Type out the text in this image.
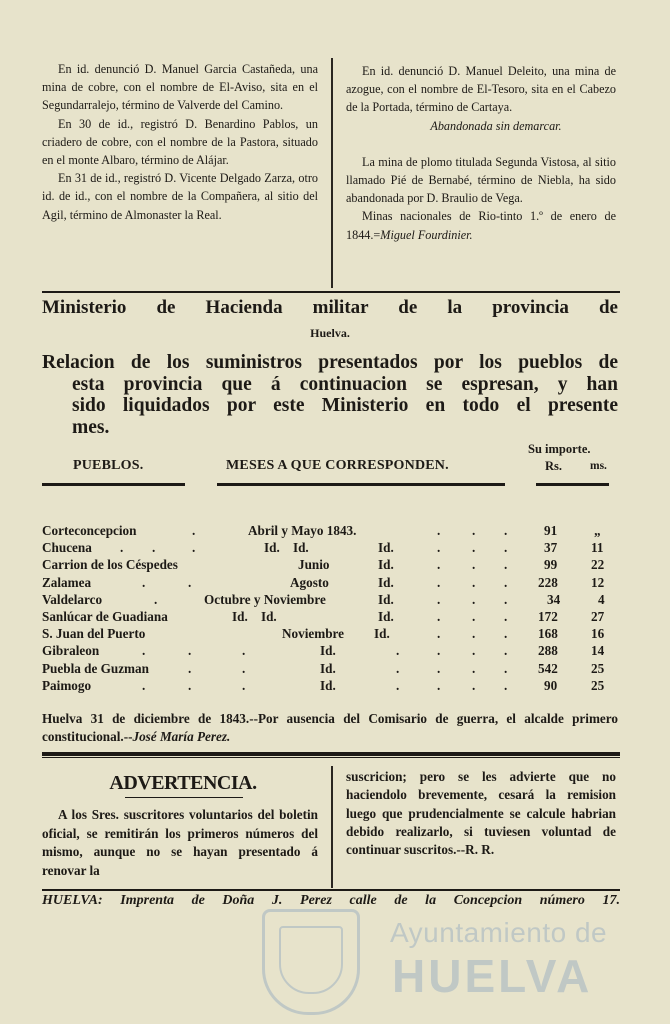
En id. denunció D. Manuel Garcia Castañeda, una mina de cobre, con el nombre de El-Aviso, sita en el Segundarralejo, término de Valverde del Camino.

En 30 de id., registró D. Benardino Pablos, un criadero de cobre, con el nombre de la Pastora, situado en el monte Albaro, término de Alájar.

En 31 de id., registró D. Vicente Delgado Zarza, otro id. de id., con el nombre de la Compañera, al sitio del Agil, término de Almonaster la Real.

En id. denunció D. Manuel Deleito, una mina de azogue, con el nombre de El-Tesoro, sita en el Cabezo de la Portada, término de Cartaya.

Abandonada sin demarcar.

La mina de plomo titulada Segunda Vistosa, al sitio llamado Pié de Bernabé, término de Niebla, ha sido abandonada por D. Braulio de Vega.

Minas nacionales de Rio-tinto 1.º de enero de 1844.=Miguel Fourdinier.

Ministerio de Hacienda militar de la provincia de
Huelva.
Relacion de los suministros presentados por los pueblos de
esta provincia que á continuacion se espresan, y han
sido liquidados por este Ministerio en todo el presente
mes.
PUEBLOS.	MESES A QUE CORRESPONDEN.
Su importe.
Rs. ms.
Corteconcepcion	.	Abril y Mayo 1843.	. . .	91	„
Chucena . .	.	Id.    Id.	Id.	. . .	37	11
Carrion de los Céspedes	Junio	Id.	. . .	99	22
Zalamea	.	.	Agosto	Id.	. . . 228	12
Valdelarco	.	Octubre y Noviembre	Id.	. . .	34	4
Sanlúcar de Guadiana	Id.    Id.	Id.	. . . 172	27
S. Juan del Puerto	Noviembre Id.	. . . 168	16
Gibraleon	.	.	.	Id.	.	. . . 288	14
Puebla de Guzman	.	.	Id.	.	. . . 542	25
Paimogo	.	.	.	Id.	.	. . .	90	25
Huelva 31 de diciembre de 1843.--Por ausencia del Comisario de guerra, el alcalde primero constitucional.--José María Perez.
ADVERTENCIA.

A los Sres. suscritores voluntarios del boletin oficial, se remitirán los primeros números del mismo, aunque no se hayan presentado á renovar la

suscricion; pero se les advierte que no haciendolo brevemente, cesará la remision luego que prudencialmente se calcule habrian debido realizarlo, si tuviesen voluntad de continuar suscritos.--R. R.

HUELVA: Imprenta de Doña J. Perez calle de la Concepcion número 17.
Ayuntamiento de
HUELVA
